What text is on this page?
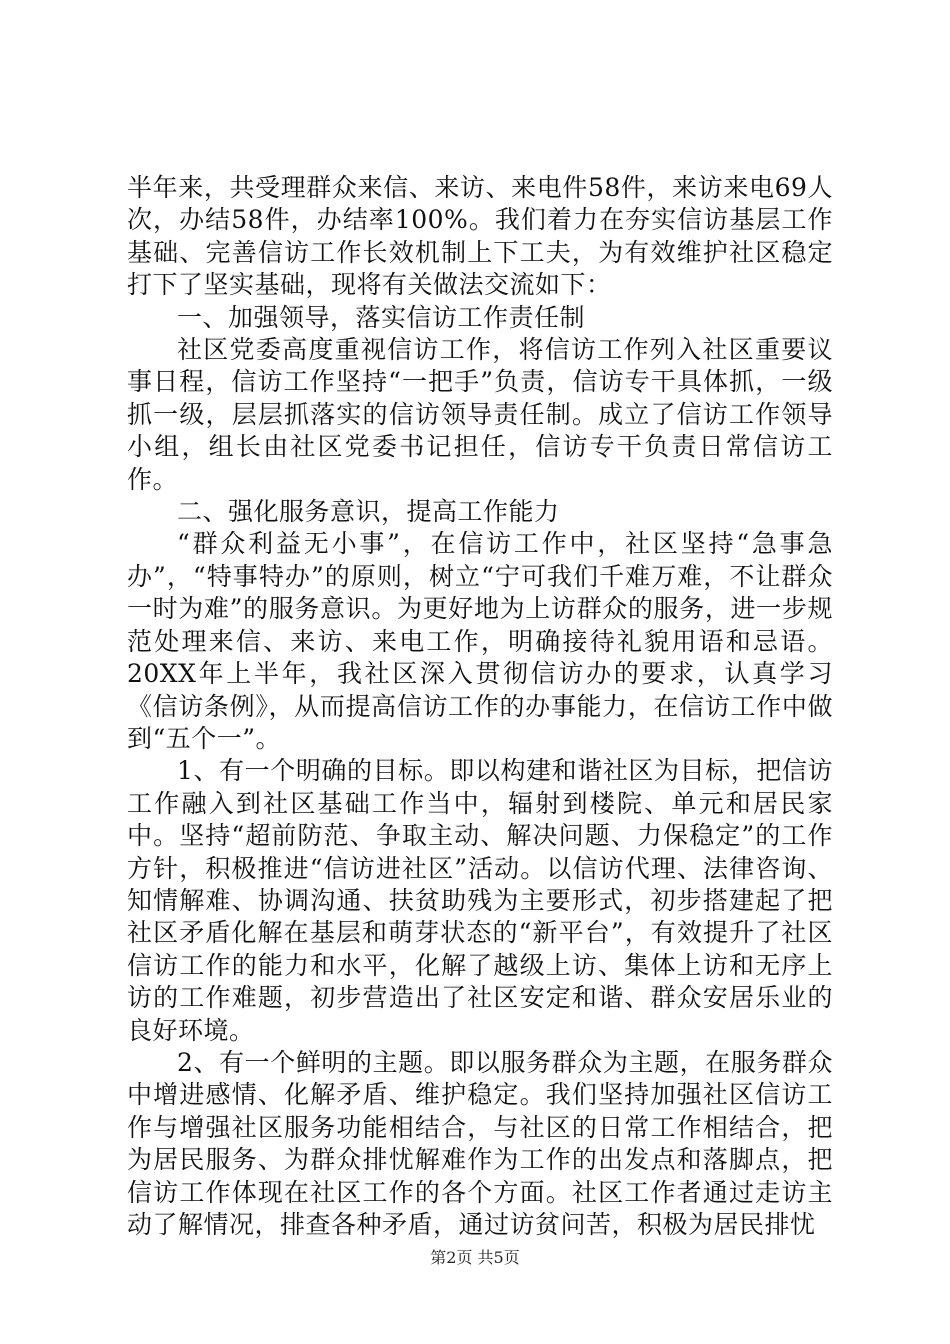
半年来，共受理群众来信、来访、来电件58件，来访来电69人次，办结58件，办结率100%。我们着力在夯实信访基层工作基础、完善信访工作长效机制上下工夫，为有效维护社区稳定打下了坚实基础，现将有关做法交流如下：

一、加强领导，落实信访工作责任制

社区党委高度重视信访工作，将信访工作列入社区重要议事日程，信访工作坚持“一把手”负责，信访专干具体抓，一级抓一级，层层抓落实的信访领导责任制。成立了信访工作领导小组，组长由社区党委书记担任，信访专干负责日常信访工作。

二、强化服务意识，提高工作能力

“群众利益无小事”，在信访工作中，社区坚持“急事急办”，“特事特办”的原则，树立“宁可我们千难万难，不让群众一时为难”的服务意识。为更好地为上访群众的服务，进一步规范处理来信、来访、来电工作，明确接待礼貌用语和忌语。20XX年上半年，我社区深入贯彻信访办的要求，认真学习《信访条例》，从而提高信访工作的办事能力，在信访工作中做到“五个一”。

1、有一个明确的目标。即以构建和谐社区为目标，把信访工作融入到社区基础工作当中，辐射到楼院、单元和居民家中。坚持“超前防范、争取主动、解决问题、力保稳定”的工作方针，积极推进“信访进社区”活动。以信访代理、法律咨询、知情解难、协调沟通、扶贫助残为主要形式，初步搭建起了把社区矛盾化解在基层和萌芽状态的“新平台”，有效提升了社区信访工作的能力和水平，化解了越级上访、集体上访和无序上访的工作难题，初步营造出了社区安定和谐、群众安居乐业的良好环境。

2、有一个鲜明的主题。即以服务群众为主题，在服务群众中增进感情、化解矛盾、维护稳定。我们坚持加强社区信访工作与增强社区服务功能相结合，与社区的日常工作相结合，把为居民服务、为群众排忧解难作为工作的出发点和落脚点，把信访工作体现在社区工作的各个方面。社区工作者通过走访主动了解情况，排查各种矛盾，通过访贫问苦，积极为居民排忧

第2页 共5页
